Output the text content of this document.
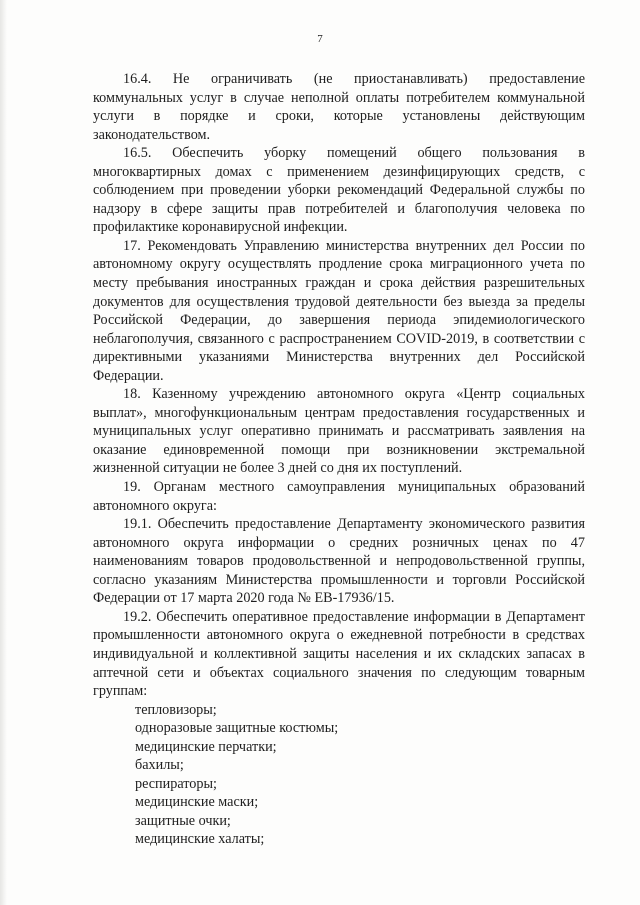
7

16.4. Не ограничивать (не приостанавливать) предоставление коммунальных услуг в случае неполной оплаты потребителем коммунальной услуги в порядке и сроки, которые установлены действующим законодательством.

16.5. Обеспечить уборку помещений общего пользования в многоквартирных домах с применением дезинфицирующих средств, с соблюдением при проведении уборки рекомендаций Федеральной службы по надзору в сфере защиты прав потребителей и благополучия человека по профилактике коронавирусной инфекции.

17. Рекомендовать Управлению министерства внутренних дел России по автономному округу осуществлять продление срока миграционного учета по месту пребывания иностранных граждан и срока действия разрешительных документов для осуществления трудовой деятельности без выезда за пределы Российской Федерации, до завершения периода эпидемиологического неблагополучия, связанного с распространением COVID-2019, в соответствии с директивными указаниями Министерства внутренних дел Российской Федерации.

18. Казенному учреждению автономного округа «Центр социальных выплат», многофункциональным центрам предоставления государственных и муниципальных услуг оперативно принимать и рассматривать заявления на оказание единовременной помощи при возникновении экстремальной жизненной ситуации не более 3 дней со дня их поступлений.

19. Органам местного самоуправления муниципальных образований автономного округа:

19.1. Обеспечить предоставление Департаменту экономического развития автономного округа информации о средних розничных ценах по 47 наименованиям товаров продовольственной и непродовольственной группы, согласно указаниям Министерства промышленности и торговли Российской Федерации от 17 марта 2020 года № ЕВ-17936/15.

19.2. Обеспечить оперативное предоставление информации в Департамент промышленности автономного округа о ежедневной потребности в средствах индивидуальной и коллективной защиты населения и их складских запасах в аптечной сети и объектах социального значения по следующим товарным группам:

тепловизоры;
одноразовые защитные костюмы;
медицинские перчатки;
бахилы;
респираторы;
медицинские маски;
защитные очки;
медицинские халаты;
